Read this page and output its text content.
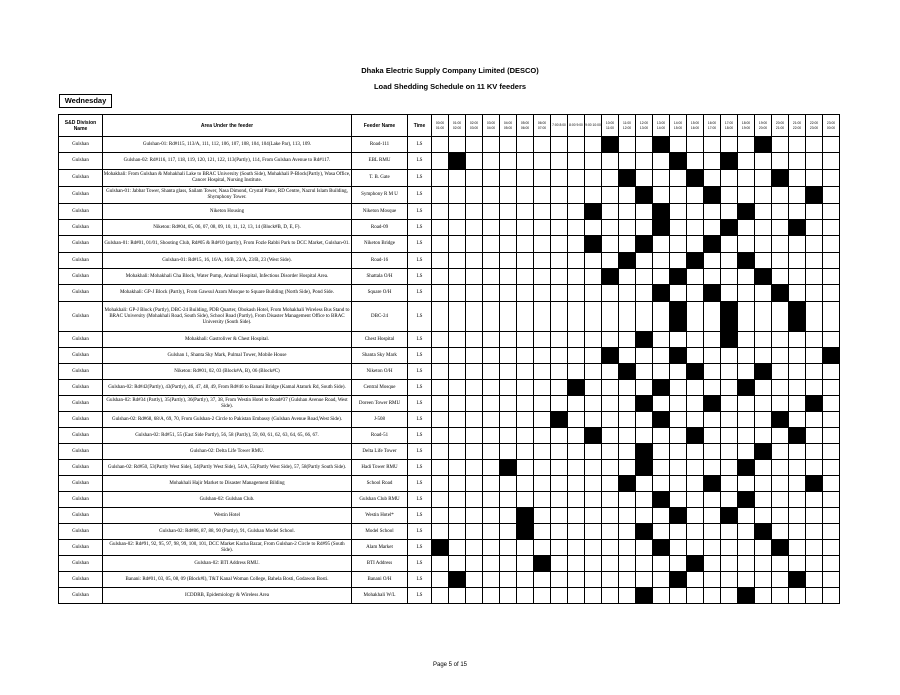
Dhaka Electric Supply Company Limited (DESCO)
Load Shedding Schedule on 11 KV feeders
Wednesday
S&D Division Name	Area Under the feeder	Feeder Name	Time	00:00 01:00	01:00 02:00	02:00 03:00	03:00 04:00	04:00 05:00	05:00 06:00	06:00 07:00	7:00 8:00	8:00 9:00	9:00 10:00	10:00 11:00	11:00 12:00	12:00 13:00	13:00 14:00	14:00 15:00	15:00 16:00	16:00 17:00	17:00 18:00	18:00 19:00	19:00 20:00	20:00 21:00	21:00 22:00	22:00 23:00	23:00 00:00
Gulshan	Gulshan-01: Rd#115, 113/A, 111, 112, 106, 107, 108, 104, 104(Lake Par), 113, 109.	Road-111	LS																								
Gulshan	Gulshan-02: Rd#116, 117, 118, 119, 120, 121, 122, 113(Partly), 114, From Gulshan Avenue to Rd#117.	EBL RMU	LS																								
Gulshan	Mohakhali: From Gulshan & Mohakhali Lake to BRAC University (South Side), Mohakhali P-Block(Partly), Wasa Office, Cancer Hospital, Nursing Institute.	T. B. Gate	LS																								
Gulshan	Gulshan-01: Jabbar Tower, Shanta glass, Sailam Tower, Nasa Dimond, Crystal Place, RD Centre, Nazrul Islam Building, Shymphony Tower.	Symphony R M U	LS																								
Gulshan	Niketon Housing	Niketon Mosque	LS																								
Gulshan	Niketon: Rd#04, 05, 06, 07, 08, 09, 10, 11, 12, 13, 14 (Block#B, D, E, F).	Road-09	LS																								
Gulshan	Gulshan-01: Rd#01, 01/01, Shooting Club, Rd#05 & Rd#10 (partly), From Fozle Rabbi Park to DCC Market, Gulshan-01.	Niketon Bridge	LS																								
Gulshan	Gulshan-01: Rd#15, 16, 16/A, 16/B, 23/A, 23/B, 23 (West Side).	Road-16	LS																								
Gulshan	Mohakhali: Mohakhali Cha Block, Water Pump, Animal Hospital, Infectious Disorder Hospital Area.	Shattala O/H	LS																								
Gulshan	Mohakhali: GP-J Block (Partly), From Gawsul Azom Mosque to Square Building (North Side), Pond Side.	Square O/H	LS																								
Gulshan	Mohakhali: GP-J Block (Partly), DBC-24 Building, PDB Quarter, Obokash Hotel, From Mohakhali Wireless Bus Stand to BRAC University (Mohakhali Road, South Side), School Road (Partly), From Disaster Management Office to BRAC University (South Side).	DBC-24	LS																								
Gulshan	Mohakhali: Gastroliver & Chest Hospital.	Chest Hospital	LS																								
Gulshan	Gulshan 1, Shanta Sky Mark, Pulmal Tower, Mobile House	Shanta Sky Mark	LS																								
Gulshan	Niketon: Rd#01, 02, 03 (Block#A, B), 06 (Block#C)	Niketon O/H	LS																								
Gulshan	Gulshan-02: Rd#42(Partly), 43(Partly), 46, 47, 48, 49, From Rd#46 to Banani Bridge (Kamal Ataturk Rd, South Side).	Central Mosque	LS																								
Gulshan	Gulshan-02: Rd#34 (Partly), 35(Partly), 36(Partly), 37, 38, From Westin Hotel to Road#37 (Gulshan Avenue Road, West Side).	Doreen Tower RMU	LS																								
Gulshan	Gulshan-02: Rd#68, 68/A, 69, 70, From Gulshan-2 Circle to Pakistan Embassy (Gulshan Avenue Road,West Side).	J-508	LS																								
Gulshan	Gulshan-02: Rd#51, 55 (East Side Partly), 56, 58 (Partly), 59, 60, 61, 62, 63, 64, 65, 66, 67.	Road-51	LS																								
Gulshan	Gulshan-02: Delta Life Tower RMU.	Delta Life Tower	LS																								
Gulshan	Gulshan-02: Rd#50, 53(Partly West Side), 54(Partly West Side), 54/A, 55(Partly West Side), 57, 58(Partly South Side).	Hadi Tower RMU	LS																								
Gulshan	Mohakhali Hajir Market to Disaster Management Bilding	School Road	LS																								
Gulshan	Gulshan-02: Gulshan Club.	Gulshan Club RMU	LS																								
Gulshan	Westin Hotel	Westin Hotel*	LS																								
Gulshan	Gulshan-02: Rd#86, 87, 88, 90 (Partly), 91, Gulshan Model School.	Model School	LS																								
Gulshan	Gulshan-02: Rd#91, 92, 95, 97, 98, 99, 100, 101, DCC Market Kacha Bazar, From Gulshan-2 Circle to Rd#95 (South Side).	Alam Market	LS																								
Gulshan	Gulshan-02: BTI Address RMU.	BTI Address	LS																								
Gulshan	Banani: Rd#01, 03, 05, 08, 09 (Block#I), T&T Kanal Woman College, Bahela Bosti, Godawon Bosti.	Banani O/H	LS																								
Gulshan	ICDDRB, Epidemiology & Wireless Area	Mohakhali W/L	LS																								
Page 5 of 15
